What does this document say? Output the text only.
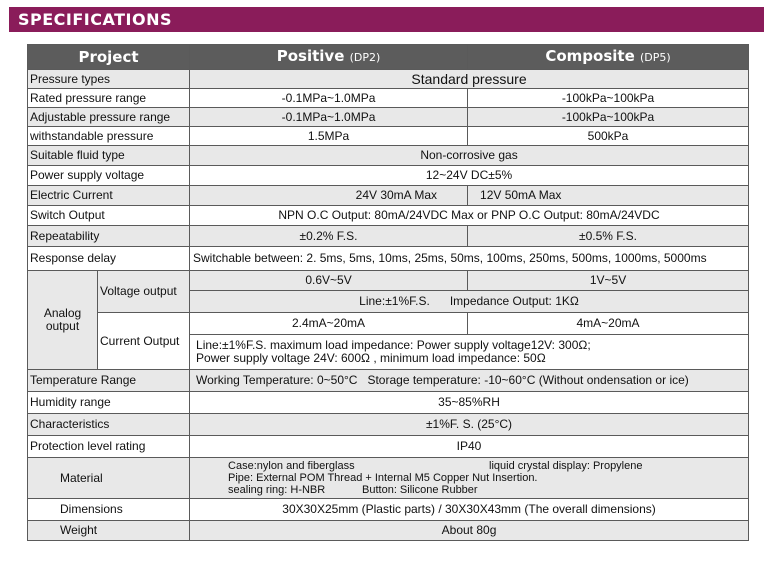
SPECIFICATIONS
Project		Positive (DP2)	Composite (DP5)
Pressure types		Standard pressure	
Rated pressure range		-0.1MPa~1.0MPa	-100kPa~100kPa
Adjustable pressure range		-0.1MPa~1.0MPa	-100kPa~100kPa
withstandable pressure		1.5MPa	500kPa
Suitable fluid type		Non-corrosive gas	
Power supply voltage		12~24V DC±5%	
Electric Current		24V 30mA Max	12V 50mA Max
Switch Output		NPN O.C Output: 80mA/24VDC Max or PNP O.C Output: 80mA/24VDC	
Repeatability		±0.2% F.S.	±0.5% F.S.
Response delay		Switchable between: 2. 5ms, 5ms, 10ms, 25ms, 50ms, 100ms, 250ms, 500ms, 1000ms, 5000ms	
Analog
output	Voltage output	0.6V~5V	1V~5V
		Line:±1%F.S. Impedance Output: 1KΩ	
	Current Output	2.4mA~20mA	4mA~20mA
		Line:±1%F.S. maximum load impedance: Power supply voltage12V: 300Ω;
Power supply voltage 24V: 600Ω , minimum load impedance: 50Ω	
Temperature Range		Working Temperature: 0~50°C Storage temperature: -10~60°C (Without ondensation or ice)	
Humidity range		35~85%RH	
Characteristics		±1%F. S. (25°C)	
Protection level rating		IP40	
Material		Case:nylon and fiberglass liquid crystal display: Propylene
Pipe: External POM Thread + Internal M5 Copper Nut Insertion.
sealing ring: H-NBR Button: Silicone Rubber	

Dimensions		30X30X25mm (Plastic parts) / 30X30X43mm (The overall dimensions)	
Weight		About 80g	
